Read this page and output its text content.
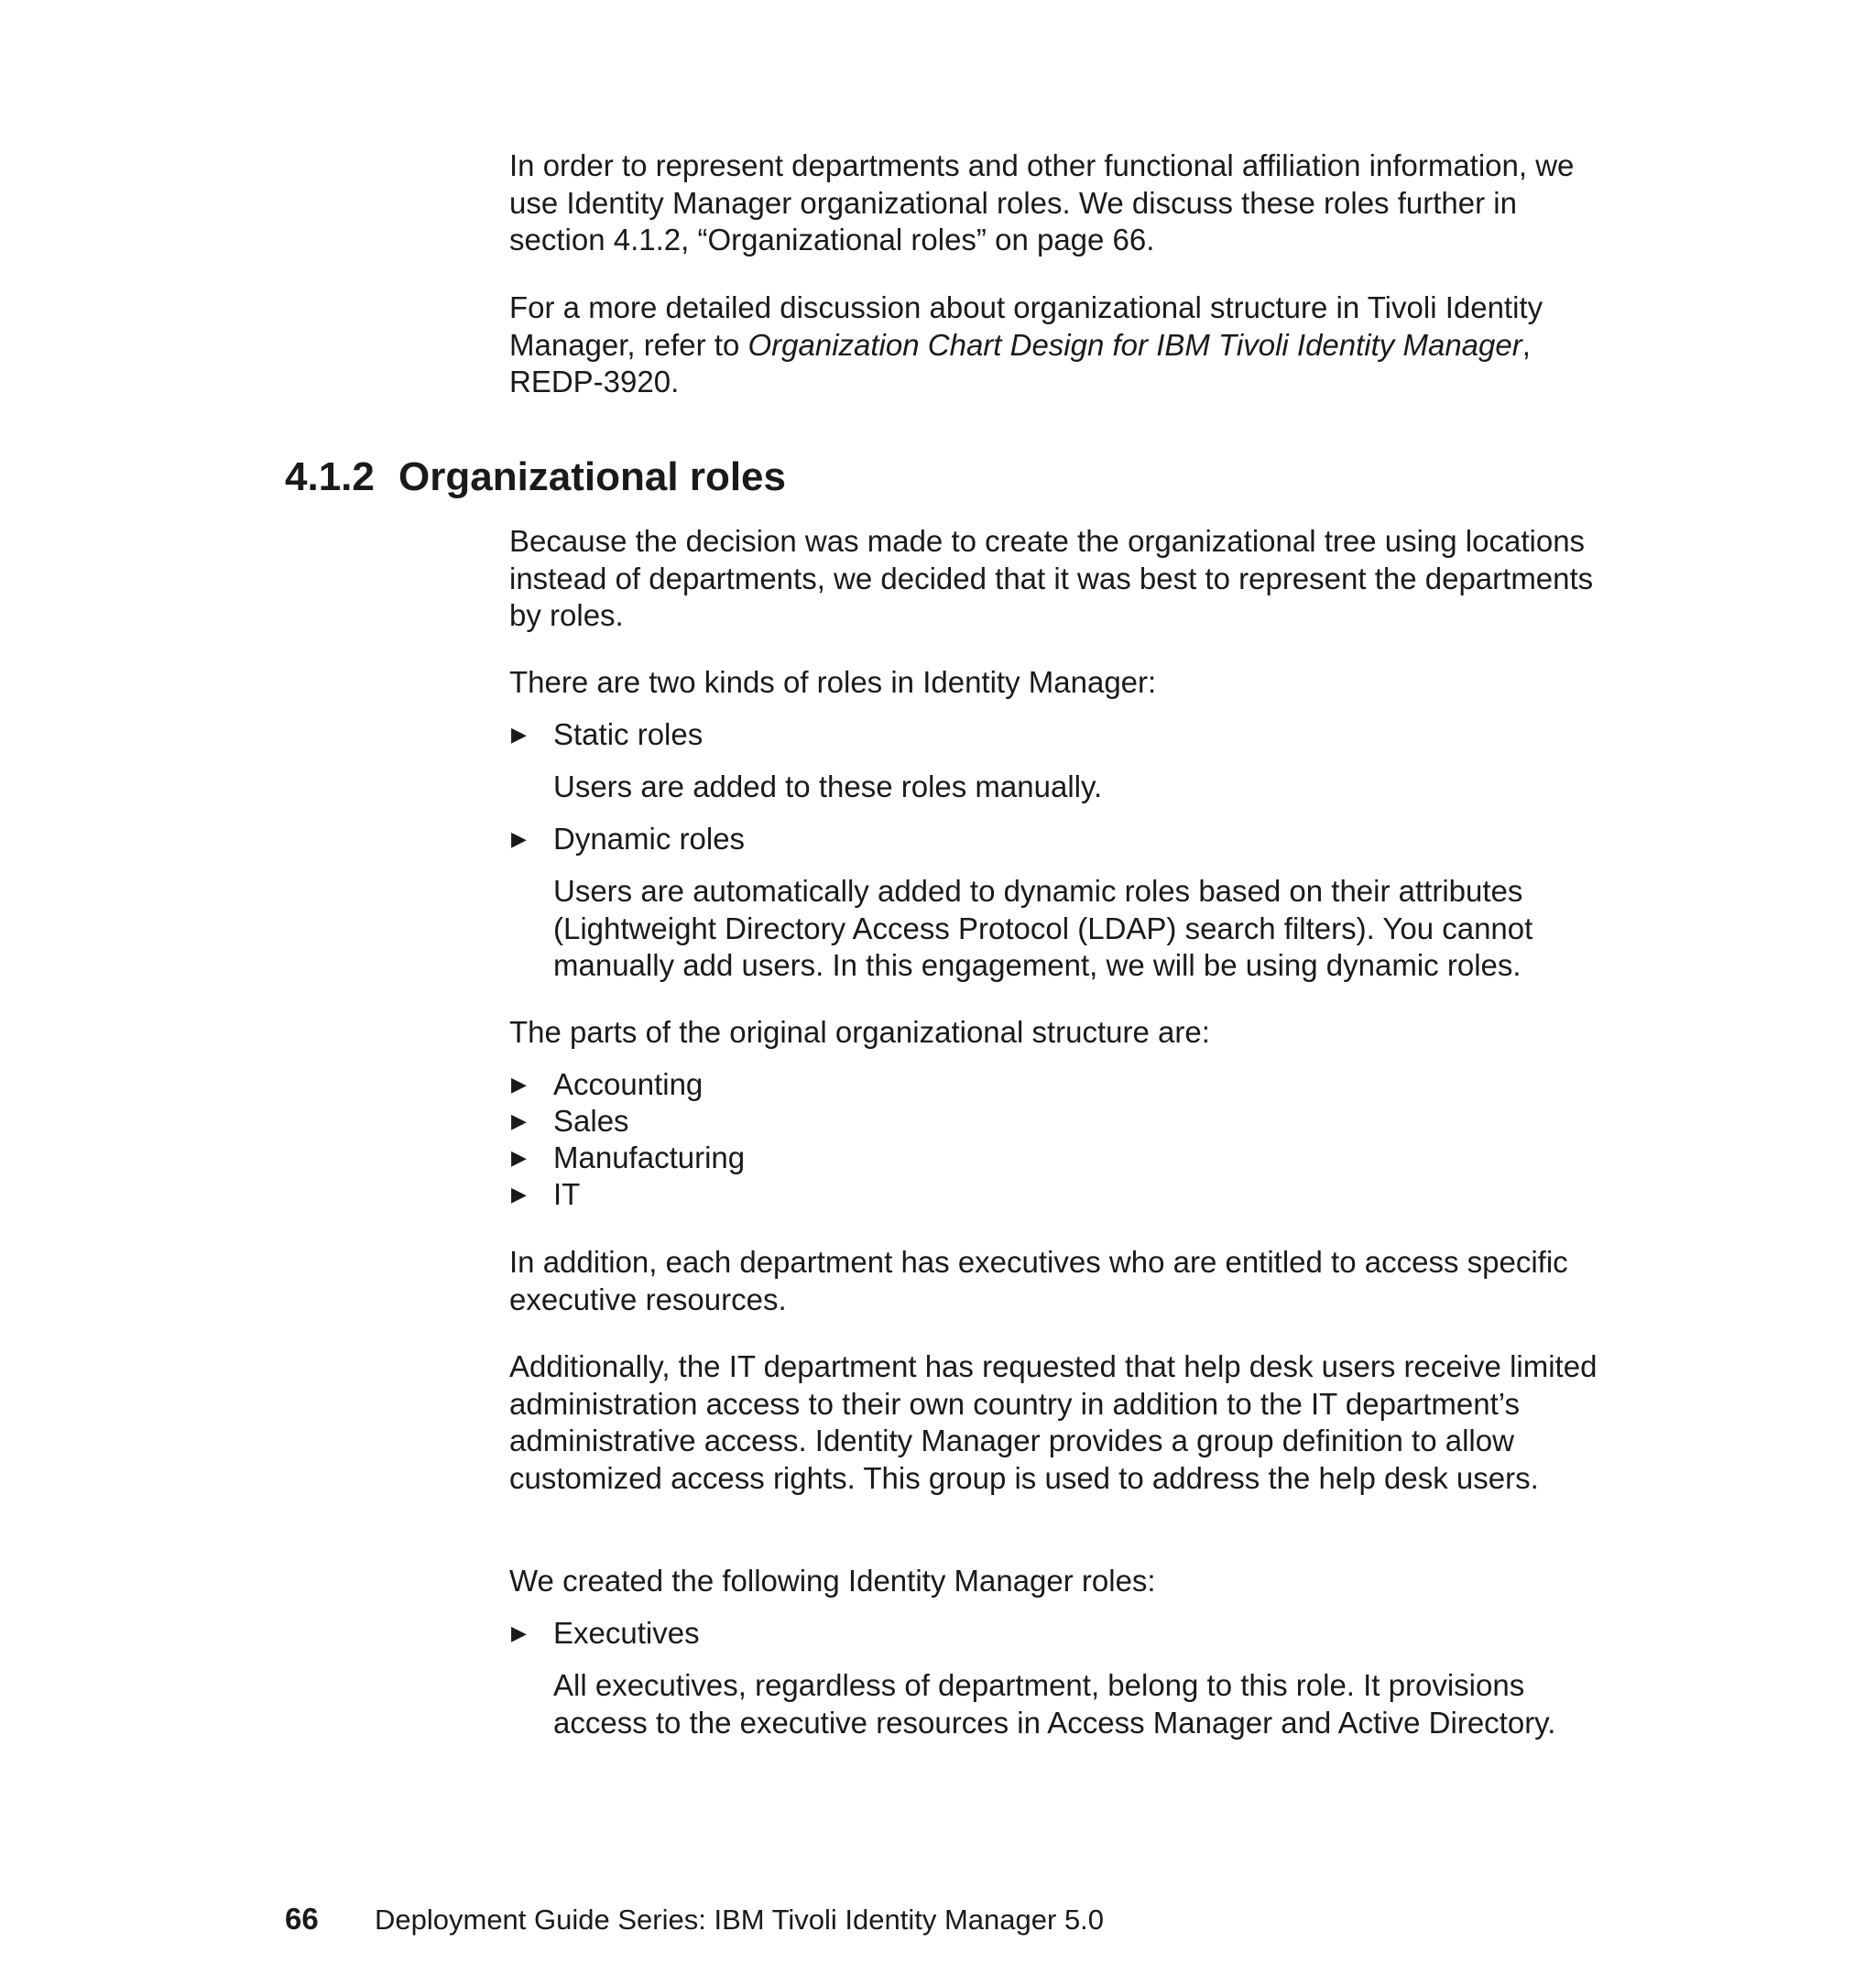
In order to represent departments and other functional affiliation information, we use Identity Manager organizational roles. We discuss these roles further in section 4.1.2, “Organizational roles” on page 66.

For a more detailed discussion about organizational structure in Tivoli Identity Manager, refer to Organization Chart Design for IBM Tivoli Identity Manager, REDP-3920.

4.1.2 Organizational roles

Because the decision was made to create the organizational tree using locations instead of departments, we decided that it was best to represent the departments by roles.

There are two kinds of roles in Identity Manager:

▶ Static roles

Users are added to these roles manually.

▶ Dynamic roles

Users are automatically added to dynamic roles based on their attributes (Lightweight Directory Access Protocol (LDAP) search filters). You cannot manually add users. In this engagement, we will be using dynamic roles.

The parts of the original organizational structure are:

▶ Accounting
▶ Sales
▶ Manufacturing
▶ IT

In addition, each department has executives who are entitled to access specific executive resources.

Additionally, the IT department has requested that help desk users receive limited administration access to their own country in addition to the IT department’s administrative access. Identity Manager provides a group definition to allow customized access rights. This group is used to address the help desk users.

We created the following Identity Manager roles:

▶ Executives

All executives, regardless of department, belong to this role. It provisions access to the executive resources in Access Manager and Active Directory.

66 Deployment Guide Series: IBM Tivoli Identity Manager 5.0
